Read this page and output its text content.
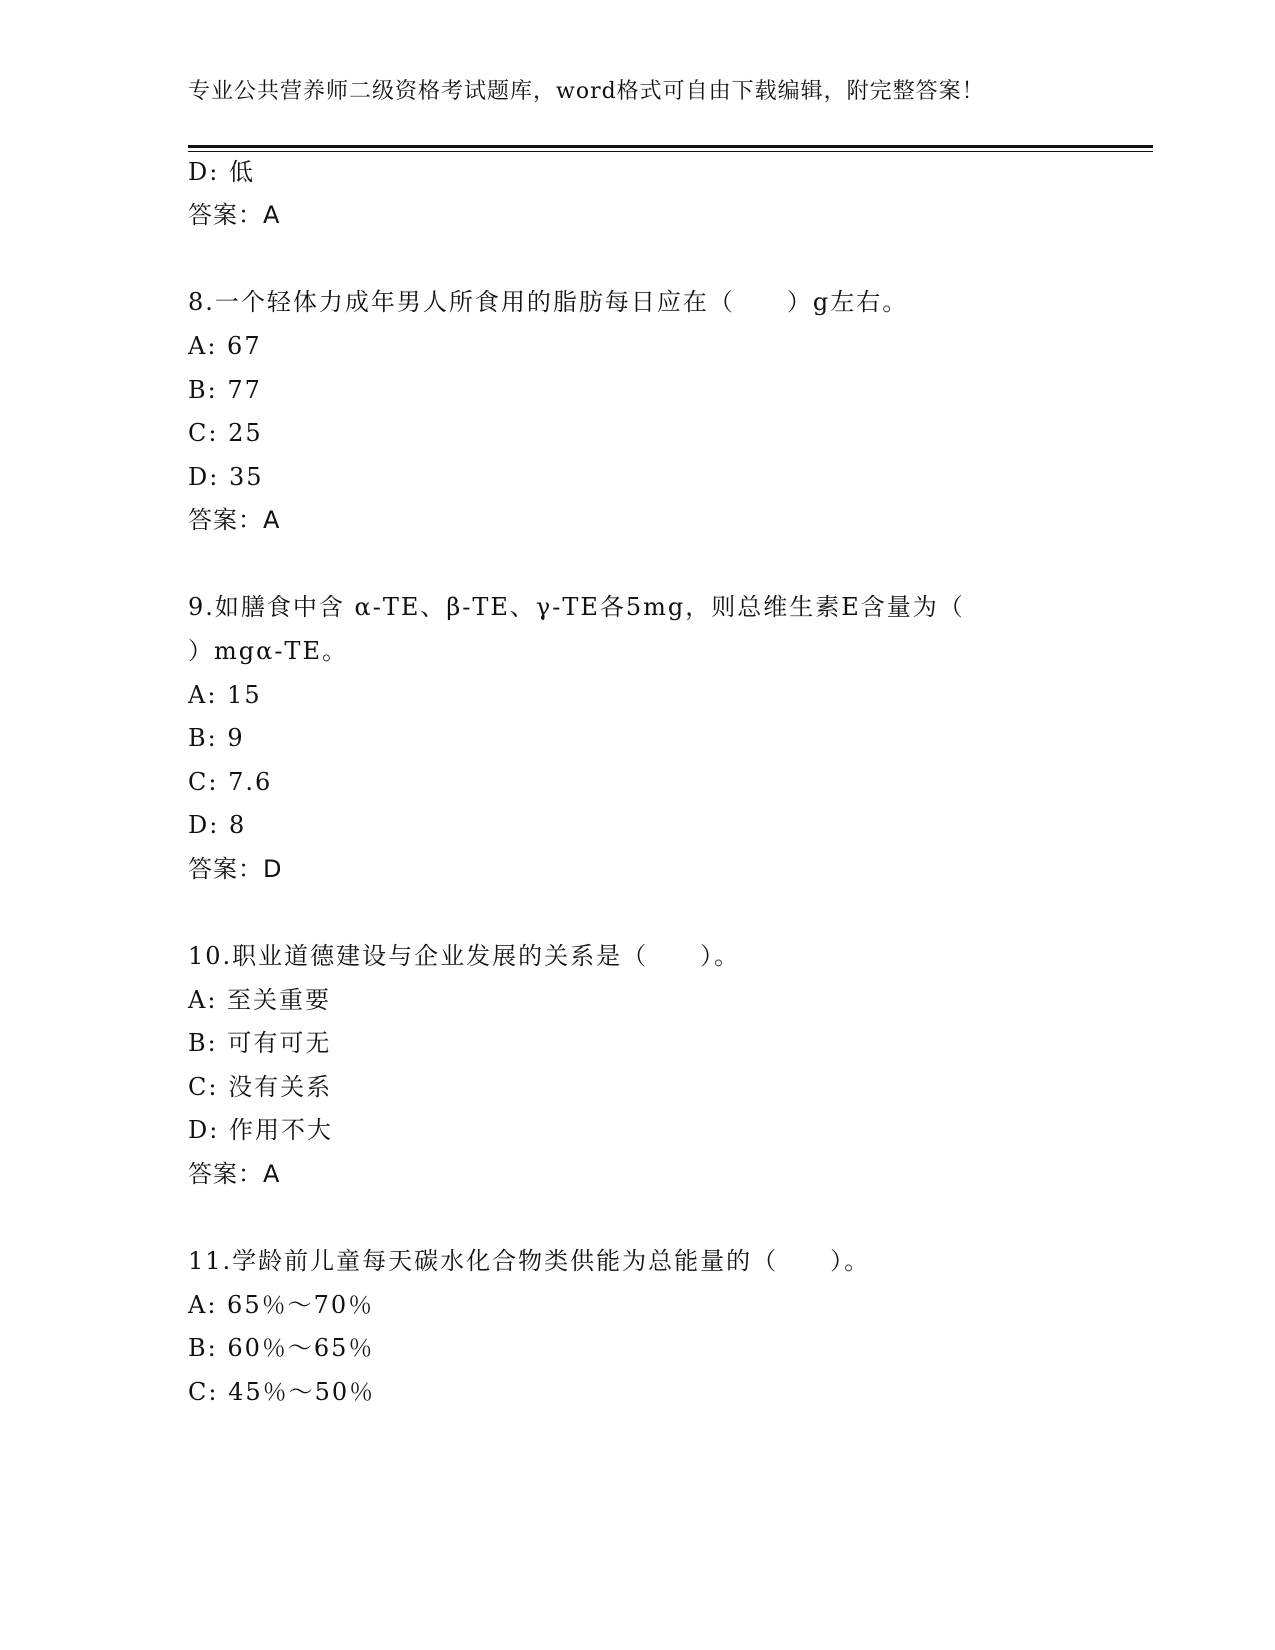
专业公共营养师二级资格考试题库，word格式可自由下载编辑，附完整答案！
D: 低
答案：A
8.一个轻体力成年男人所食用的脂肪每日应在（　　）g左右。
A: 67
B: 77
C: 25
D: 35
答案：A
9.如膳食中含 α-TE、β-TE、γ-TE各5mg，则总维生素E含量为（
）mgα-TE。
A: 15
B: 9
C: 7.6
D: 8
答案：D
10.职业道德建设与企业发展的关系是（　　）。
A: 至关重要
B: 可有可无
C: 没有关系
D: 作用不大
答案：A
11.学龄前儿童每天碳水化合物类供能为总能量的（　　）。
A: 65％～70％
B: 60％～65％
C: 45％～50％
